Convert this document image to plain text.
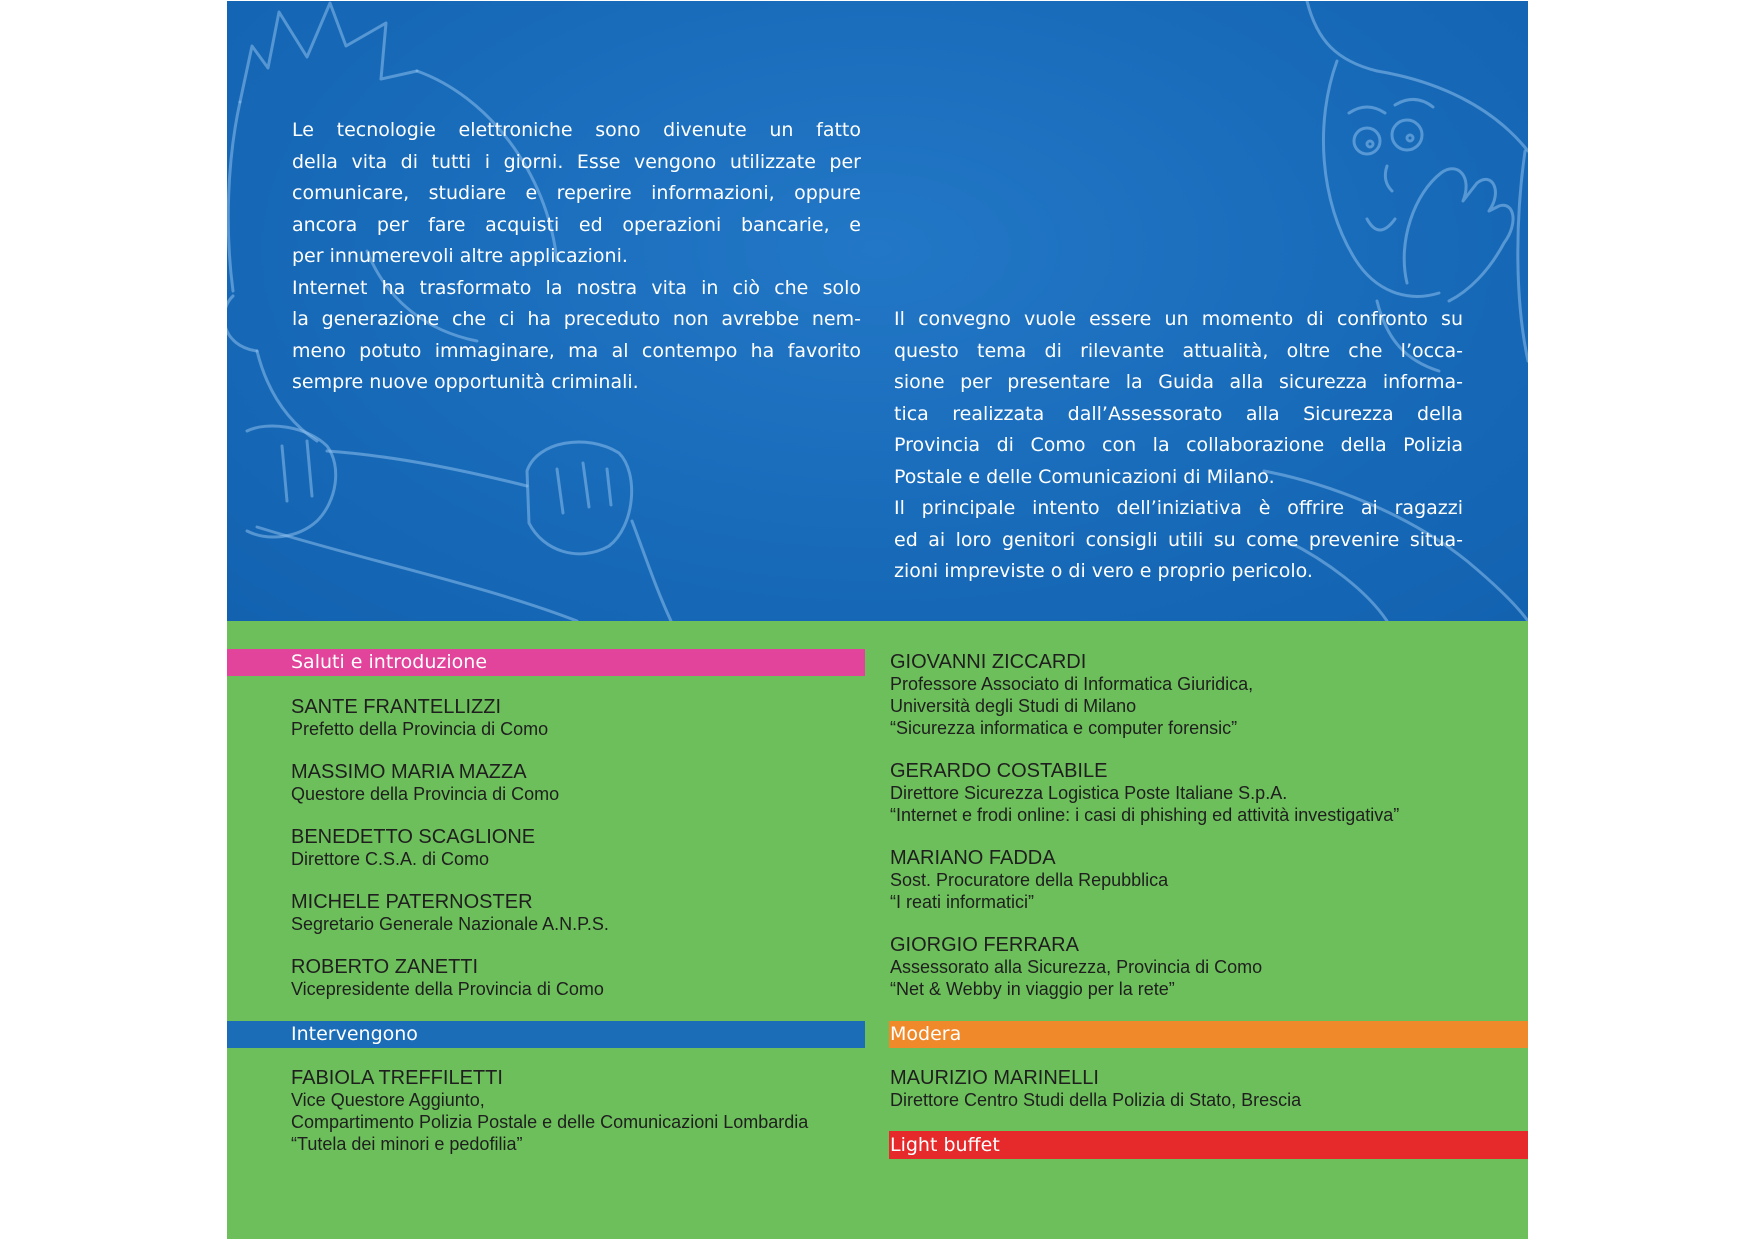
Le tecnologie elettroniche sono divenute un fatto
della vita di tutti i giorni. Esse vengono utilizzate per
comunicare, studiare e reperire informazioni, oppure
ancora per fare acquisti ed operazioni bancarie, e
per innumerevoli altre applicazioni.
Internet ha trasformato la nostra vita in ciò che solo
la generazione che ci ha preceduto non avrebbe nem-
meno potuto immaginare, ma al contempo ha favorito
sempre nuove opportunità criminali.
Il convegno vuole essere un momento di confronto su
questo tema di rilevante attualità, oltre che l’occa-
sione per presentare la Guida alla sicurezza informa-
tica realizzata dall’Assessorato alla Sicurezza della
Provincia di Como con la collaborazione della Polizia
Postale e delle Comunicazioni di Milano.
Il principale intento dell’iniziativa è offrire ai ragazzi
ed ai loro genitori consigli utili su come prevenire situa-
zioni impreviste o di vero e proprio pericolo.
Saluti e introduzione
SANTE FRANTELLIZZI
Prefetto della Provincia di Como
MASSIMO MARIA MAZZA
Questore della Provincia di Como
BENEDETTO SCAGLIONE
Direttore C.S.A. di Como
MICHELE PATERNOSTER
Segretario Generale Nazionale A.N.P.S.
ROBERTO ZANETTI
Vicepresidente della Provincia di Como
Intervengono
FABIOLA TREFFILETTI
Vice Questore Aggiunto,
Compartimento Polizia Postale e delle Comunicazioni Lombardia
“Tutela dei minori e pedofilia”
GIOVANNI ZICCARDI
Professore Associato di Informatica Giuridica,
Università degli Studi di Milano
“Sicurezza informatica e computer forensic”
GERARDO COSTABILE
Direttore Sicurezza Logistica Poste Italiane S.p.A.
“Internet e frodi online: i casi di phishing ed attività investigativa”
MARIANO FADDA
Sost. Procuratore della Repubblica
“I reati informatici”
GIORGIO FERRARA
Assessorato alla Sicurezza, Provincia di Como
“Net & Webby in viaggio per la rete”
Modera
MAURIZIO MARINELLI
Direttore Centro Studi della Polizia di Stato, Brescia
Light buffet
